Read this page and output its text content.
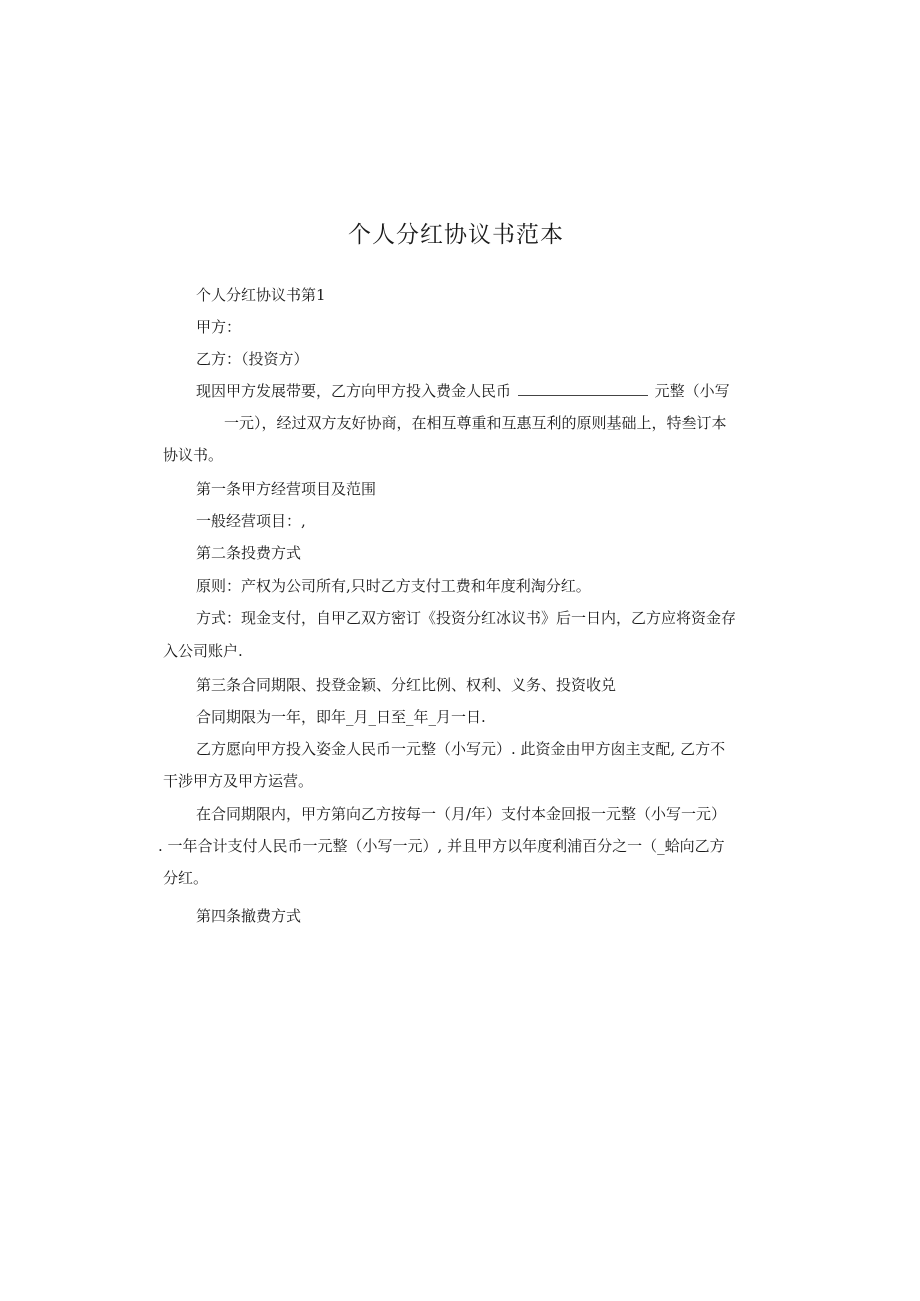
个人分红协议书范本
个人分红协议书第1
甲方：
乙方：（投资方）
现因甲方发展带要，乙方向甲方投入费金人民币	元整（小写
一元），经过双方友好协商，在相互尊重和互惠互利的原则基础上，特叁订本
协议书。
第一条甲方经营项目及范围
一般经营项目：,
第二条投费方式
原则：产权为公司所有,只时乙方支付工费和年度利淘分红。
方式：现金支付，自甲乙双方密订《投资分红冰议书》后一日内，乙方应将资金存
入公司账户.
第三条合同期限、投登金颖、分红比例、权利、义务、投资收兑
合同期限为一年，即年_月_日至_年_月一日.
乙方愿向甲方投入姿金人民币一元整（小写元）. 此资金由甲方囱主支配, 乙方不
干涉甲方及甲方运营。
在合同期限内，甲方第向乙方按每一（月/年）支付本金回报一元整（小写一元）
. 一年合计支付人民币一元整（小写一元）, 并且甲方以年度利浦百分之一（_蛤向乙方
分红。
第四条撤费方式
